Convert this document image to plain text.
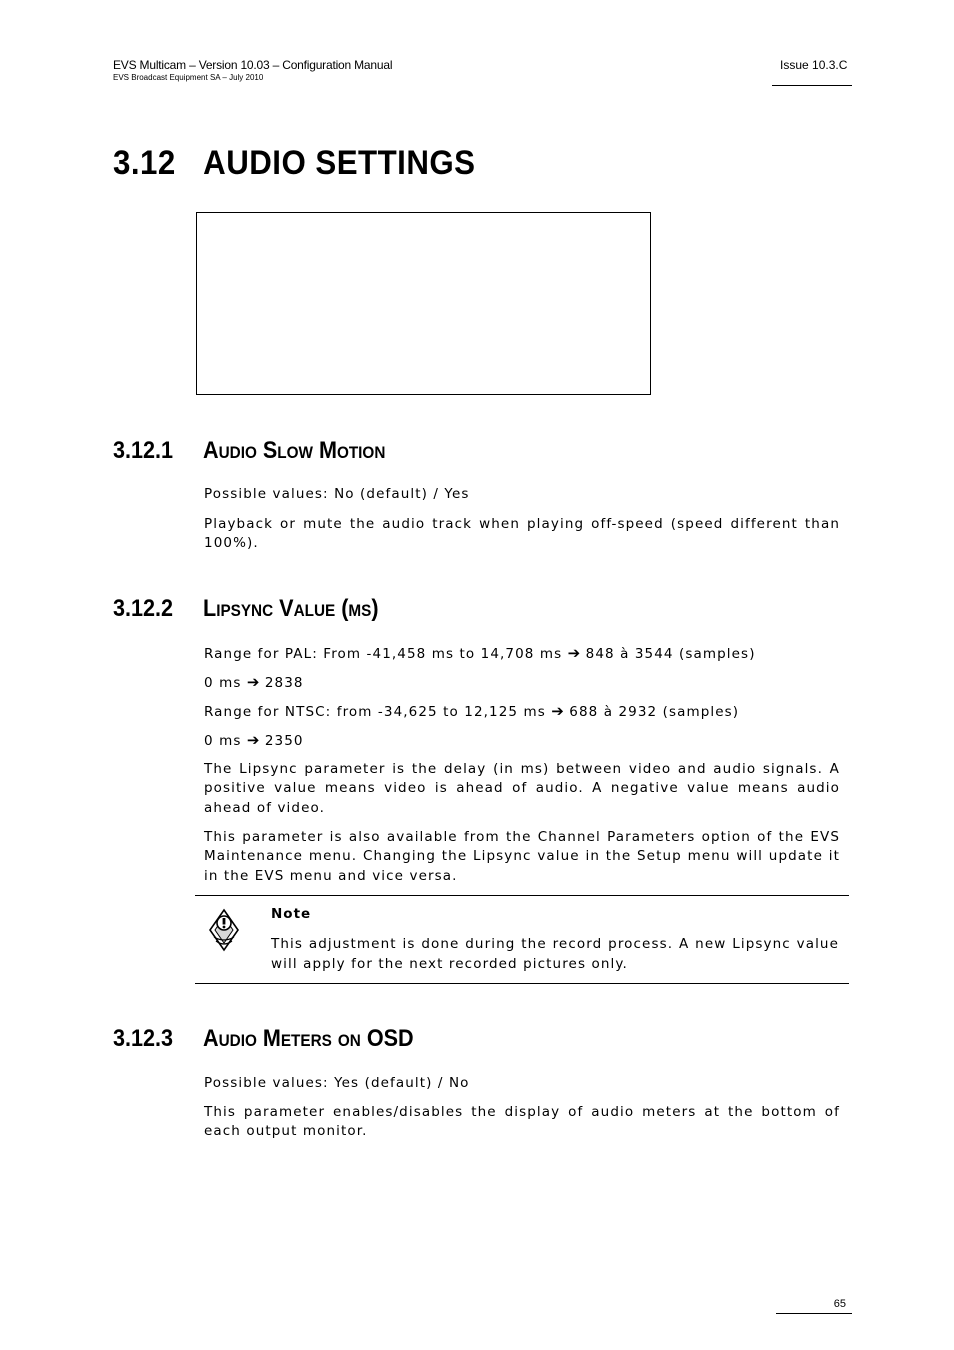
EVS Multicam – Version 10.03 – Configuration Manual
EVS Broadcast Equipment SA – July 2010
Issue 10.3.C
3.12 AUDIO SETTINGS
3.12.1 Audio Slow Motion

Possible values: No (default) / Yes

Playback or mute the audio track when playing off-speed (speed different than 100%).

3.12.2 Lipsync Value (ms)

Range for PAL: From -41,458 ms to 14,708 ms ➔ 848 à 3544 (samples)

0 ms ➔ 2838

Range for NTSC: from -34,625 to 12,125 ms ➔ 688 à 2932 (samples)

0 ms ➔ 2350

The Lipsync parameter is the delay (in ms) between video and audio signals. A positive value means video is ahead of audio. A negative value means audio ahead of video.

This parameter is also available from the Channel Parameters option of the EVS Maintenance menu. Changing the Lipsync value in the Setup menu will update it in the EVS menu and vice versa.

Note

This adjustment is done during the record process. A new Lipsync value will apply for the next recorded pictures only.

3.12.3 Audio Meters on OSD

Possible values: Yes (default) / No

This parameter enables/disables the display of audio meters at the bottom of each output monitor.

65
